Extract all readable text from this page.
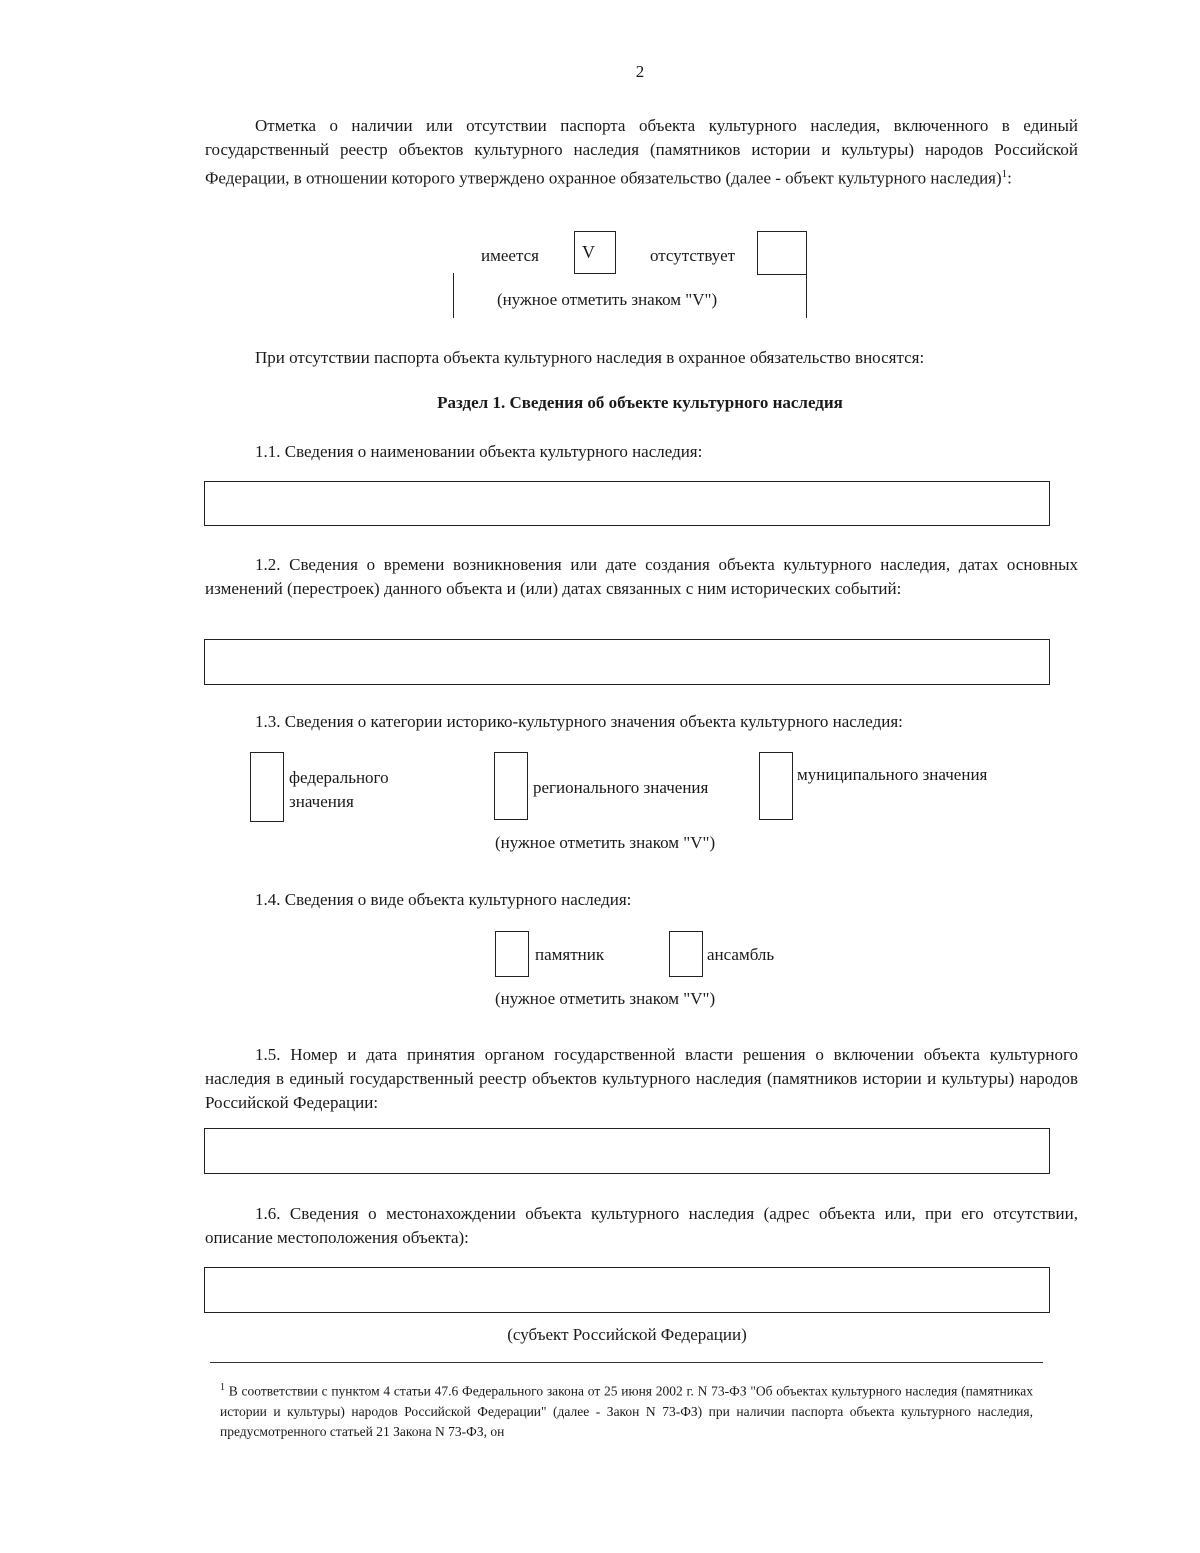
2
Отметка о наличии или отсутствии паспорта объекта культурного наследия, включенного в единый государственный реестр объектов культурного наследия (памятников истории и культуры) народов Российской Федерации, в отношении которого утверждено охранное обязательство (далее - объект культурного наследия)$^1$:
имеется V	отсутствует
(нужное отметить знаком "V")
При отсутствии паспорта объекта культурного наследия в охранное обязательство вносятся:
Раздел 1. Сведения об объекте культурного наследия
1.1. Сведения о наименовании объекта культурного наследия:
1.2. Сведения о времени возникновения или дате создания объекта культурного наследия, датах основных изменений (перестроек) данного объекта и (или) датах связанных с ним исторических событий:
1.3. Сведения о категории историко-культурного значения объекта культурного наследия:
федерального значения
регионального значения
муниципального значения
(нужное отметить знаком "V")
1.4. Сведения о виде объекта культурного наследия:
памятник	ансамбль
(нужное отметить знаком "V")
1.5. Номер и дата принятия органом государственной власти решения о включении объекта культурного наследия в единый государственный реестр объектов культурного наследия (памятников истории и культуры) народов Российской Федерации:
1.6. Сведения о местонахождении объекта культурного наследия (адрес объекта или, при его отсутствии, описание местоположения объекта):
(субъект Российской Федерации)
$^1$ В соответствии с пунктом 4 статьи 47.6 Федерального закона от 25 июня 2002 г. N 73-ФЗ "Об объектах культурного наследия (памятниках истории и культуры) народов Российской Федерации" (далее - Закон N 73-ФЗ) при наличии паспорта объекта культурного наследия, предусмотренного статьей 21 Закона N 73-ФЗ, он
